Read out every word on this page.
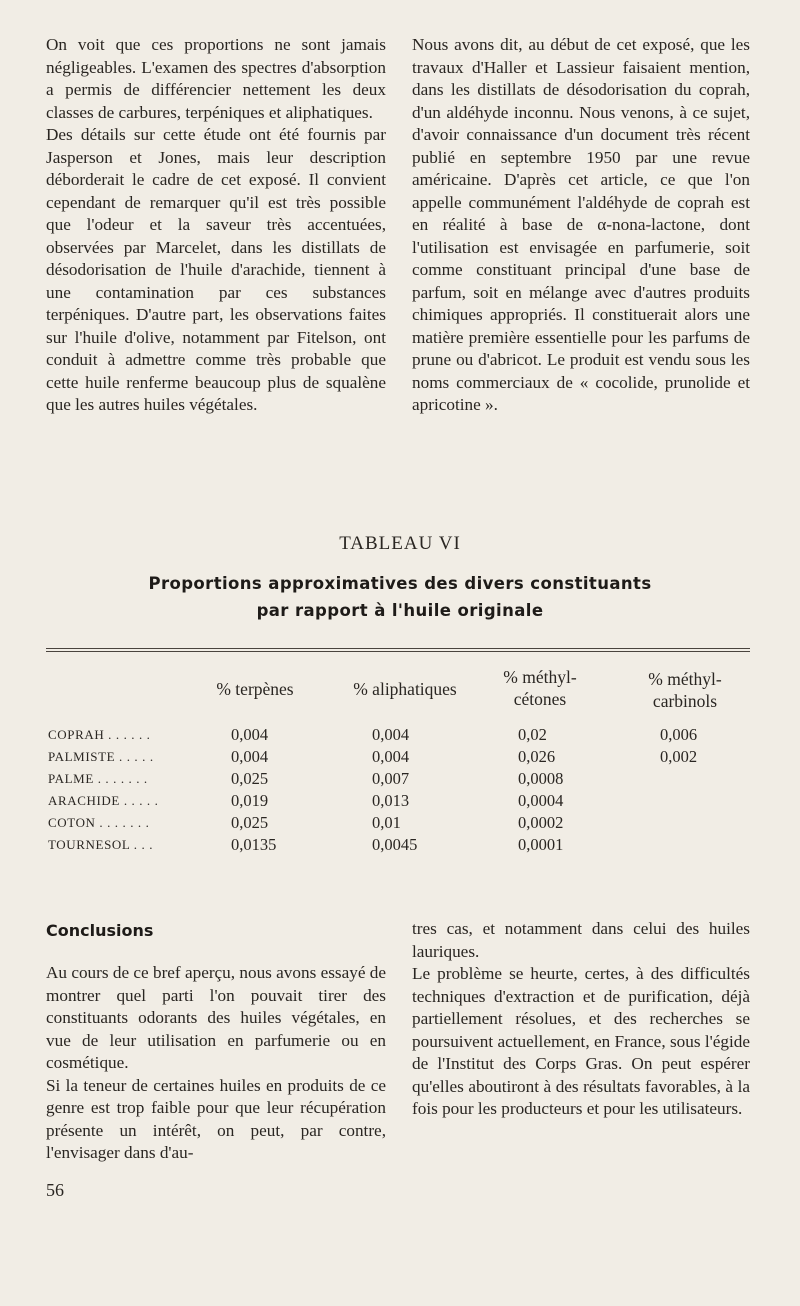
On voit que ces proportions ne sont jamais négligeables. L'examen des spectres d'absorption a permis de différencier nettement les deux classes de carbures, terpéniques et aliphatiques.

Des détails sur cette étude ont été fournis par Jasperson et Jones, mais leur description déborderait le cadre de cet exposé. Il convient cependant de remarquer qu'il est très possible que l'odeur et la saveur très accentuées, observées par Marcelet, dans les distillats de désodorisation de l'huile d'arachide, tiennent à une contamination par ces substances terpéniques. D'autre part, les observations faites sur l'huile d'olive, notamment par Fitelson, ont conduit à admettre comme très probable que cette huile renferme beaucoup plus de squalène que les autres huiles végétales.

Nous avons dit, au début de cet exposé, que les travaux d'Haller et Lassieur faisaient mention, dans les distillats de désodorisation du coprah, d'un aldéhyde inconnu. Nous venons, à ce sujet, d'avoir connaissance d'un document très récent publié en septembre 1950 par une revue américaine. D'après cet article, ce que l'on appelle communément l'aldéhyde de coprah est en réalité à base de α-nona-lactone, dont l'utilisation est envisagée en parfumerie, soit comme constituant principal d'une base de parfum, soit en mélange avec d'autres produits chimiques appropriés. Il constituerait alors une matière première essentielle pour les parfums de prune ou d'abricot. Le produit est vendu sous les noms commerciaux de « cocolide, prunolide et apricotine ».

TABLEAU VI
Proportions approximatives des divers constituants
par rapport à l'huile originale
% terpènes	% aliphatiques
% méthyl-
cétones
% méthyl-
carbinols
COPRAH . . . . . .	0,004	0,004	0,02	0,006
PALMISTE . . . . .	0,004	0,004	0,026	0,002
PALME . . . . . . .	0,025	0,007	0,0008
ARACHIDE . . . . .	0,019	0,013	0,0004
COTON . . . . . . .	0,025	0,01	0,0002
TOURNESOL . . .	0,0135	0,0045	0,0001
Conclusions

Au cours de ce bref aperçu, nous avons essayé de montrer quel parti l'on pouvait tirer des constituants odorants des huiles végétales, en vue de leur utilisation en parfumerie ou en cosmétique.

Si la teneur de certaines huiles en produits de ce genre est trop faible pour que leur récupération présente un intérêt, on peut, par contre, l'envisager dans d'au-

tres cas, et notamment dans celui des huiles lauriques.

Le problème se heurte, certes, à des difficultés techniques d'extraction et de purification, déjà partiellement résolues, et des recherches se poursuivent actuellement, en France, sous l'égide de l'Institut des Corps Gras. On peut espérer qu'elles aboutiront à des résultats favorables, à la fois pour les producteurs et pour les utilisateurs.

56
